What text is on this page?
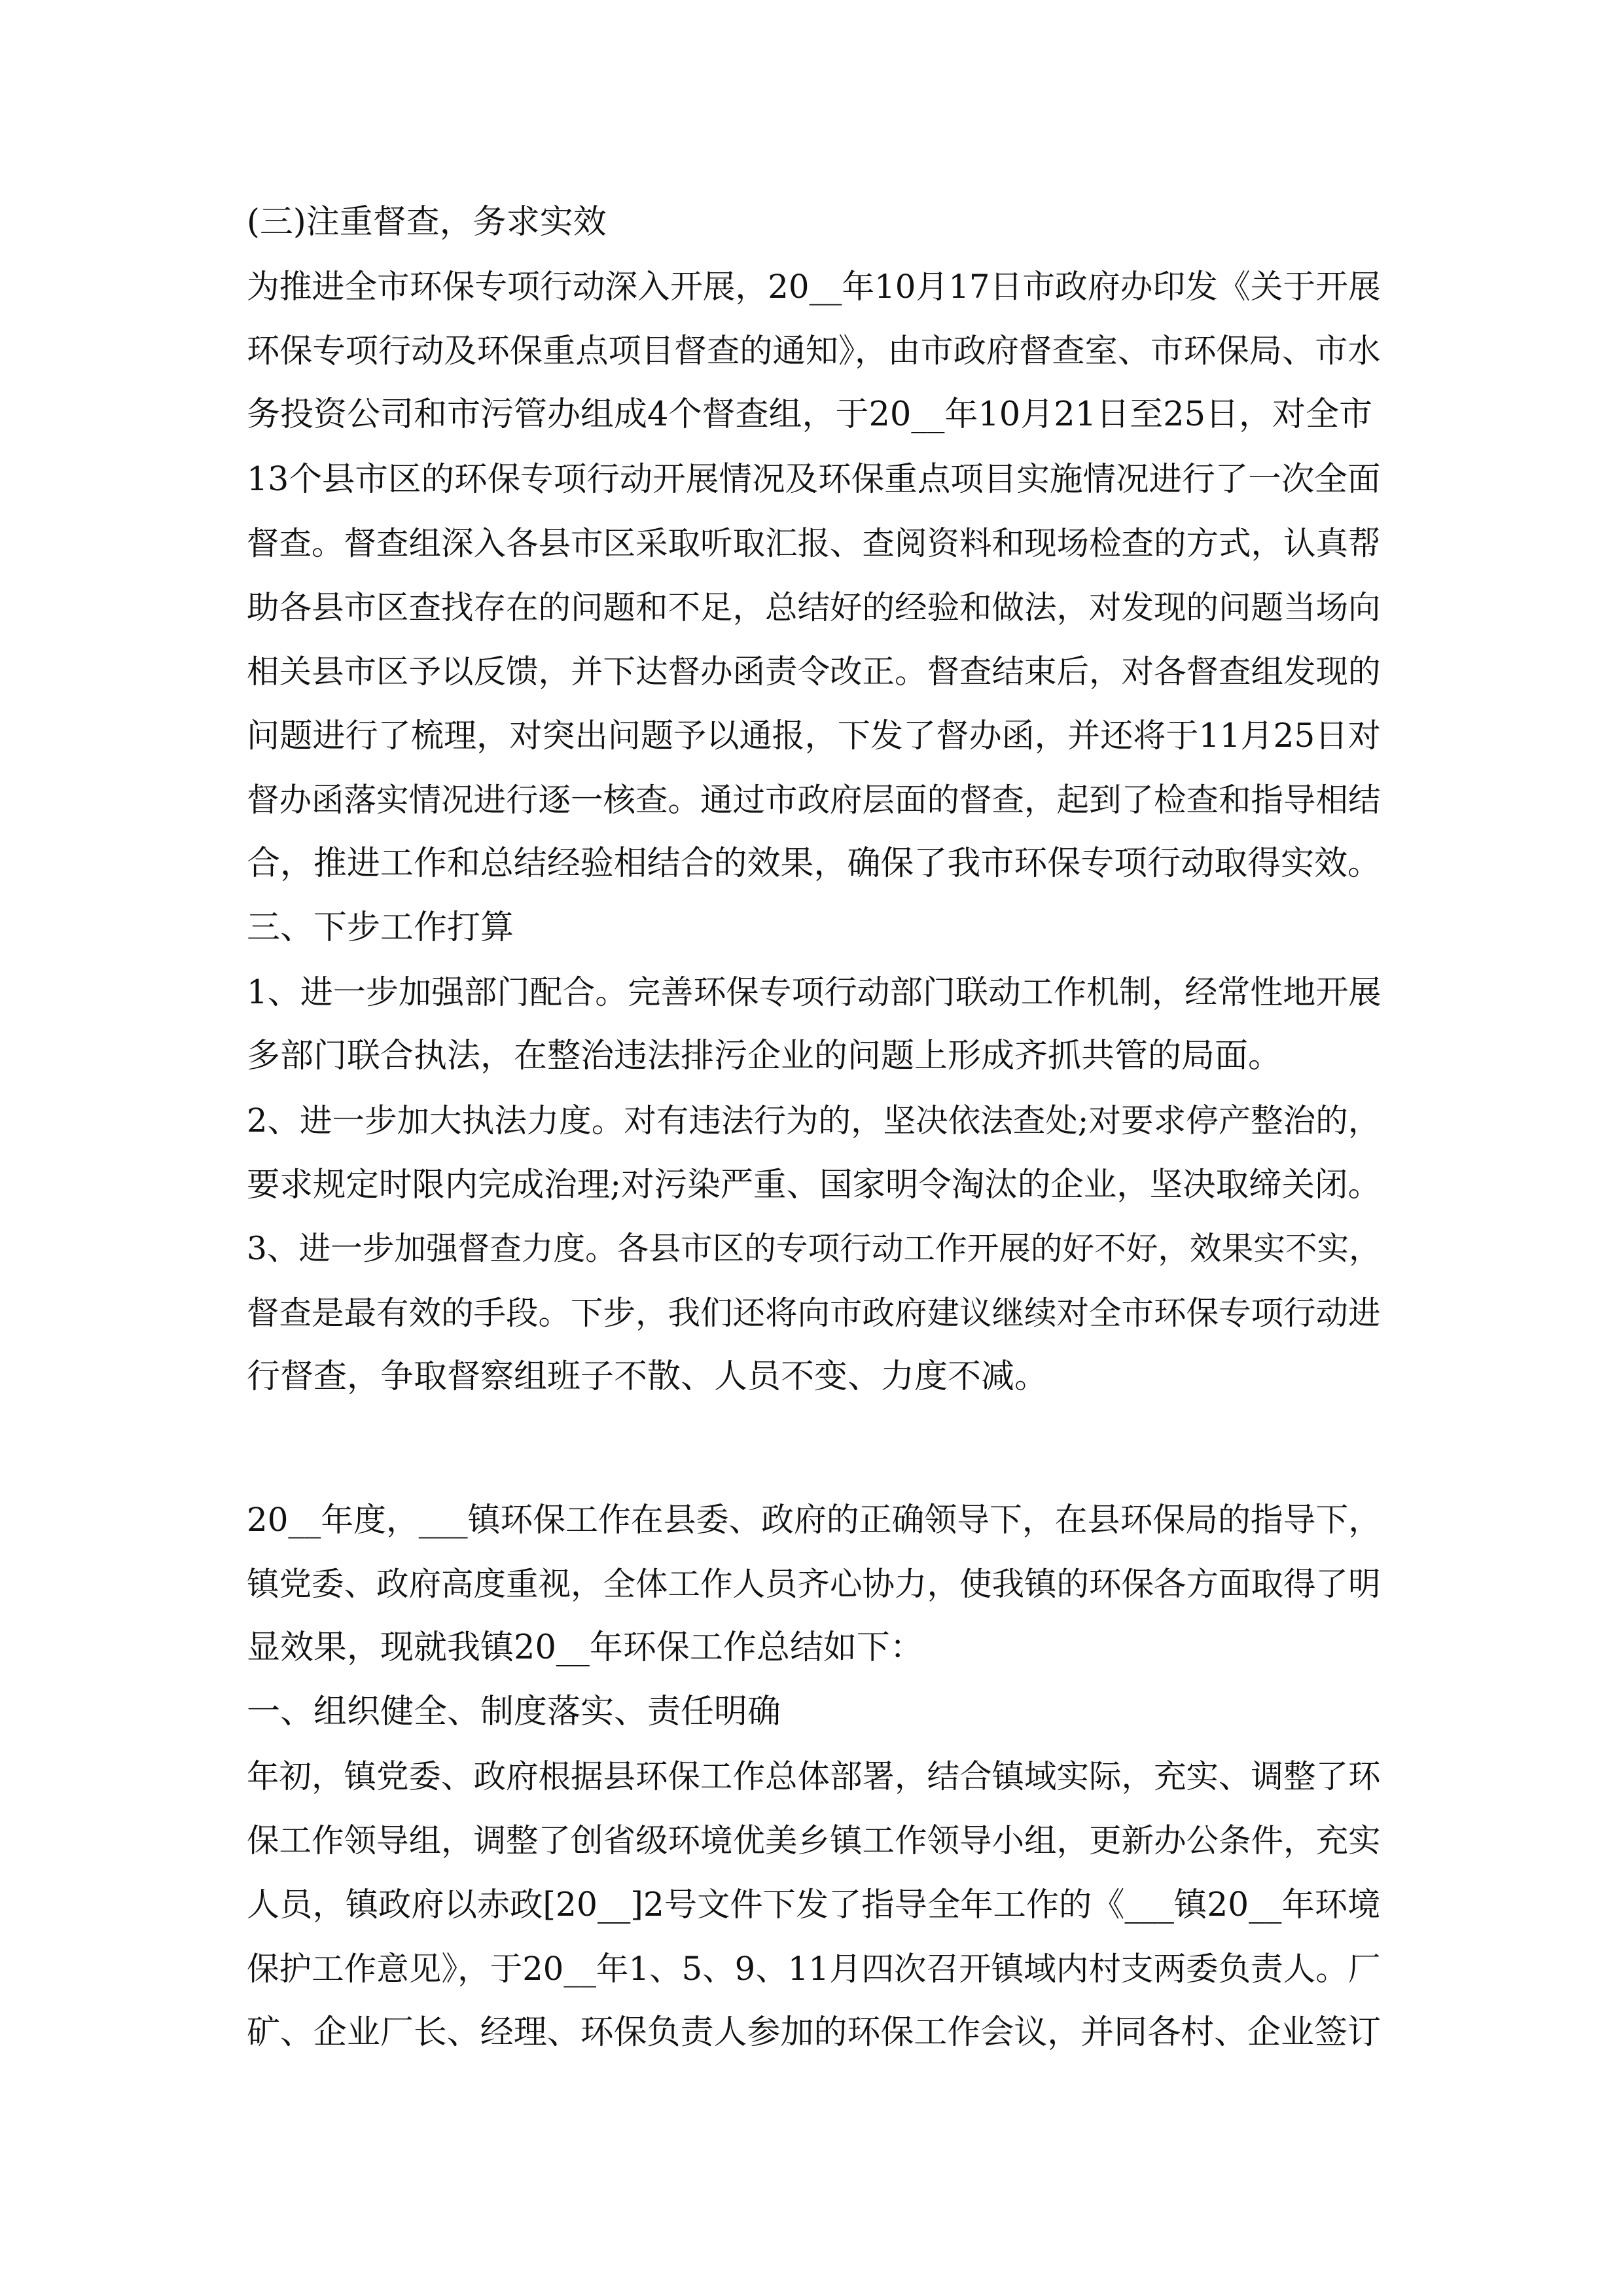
(三)注重督查，务求实效
为推进全市环保专项行动深入开展，20__年10月17日市政府办印发《关于开展
环保专项行动及环保重点项目督查的通知》，由市政府督查室、市环保局、市水
务投资公司和市污管办组成4个督查组，于20__年10月21日至25日，对全市
13个县市区的环保专项行动开展情况及环保重点项目实施情况进行了一次全面
督查。督查组深入各县市区采取听取汇报、查阅资料和现场检查的方式，认真帮
助各县市区查找存在的问题和不足，总结好的经验和做法，对发现的问题当场向
相关县市区予以反馈，并下达督办函责令改正。督查结束后，对各督查组发现的
问题进行了梳理，对突出问题予以通报，下发了督办函，并还将于11月25日对
督办函落实情况进行逐一核查。通过市政府层面的督查，起到了检查和指导相结
合，推进工作和总结经验相结合的效果，确保了我市环保专项行动取得实效。
三、下步工作打算
1、进一步加强部门配合。完善环保专项行动部门联动工作机制，经常性地开展
多部门联合执法，在整治违法排污企业的问题上形成齐抓共管的局面。
2、进一步加大执法力度。对有违法行为的，坚决依法查处;对要求停产整治的，
要求规定时限内完成治理;对污染严重、国家明令淘汰的企业，坚决取缔关闭。
3、进一步加强督查力度。各县市区的专项行动工作开展的好不好，效果实不实，
督查是最有效的手段。下步，我们还将向市政府建议继续对全市环保专项行动进
行督查，争取督察组班子不散、人员不变、力度不减。
20__年度，___镇环保工作在县委、政府的正确领导下，在县环保局的指导下，
镇党委、政府高度重视，全体工作人员齐心协力，使我镇的环保各方面取得了明
显效果，现就我镇20__年环保工作总结如下：
一、组织健全、制度落实、责任明确
年初，镇党委、政府根据县环保工作总体部署，结合镇域实际，充实、调整了环
保工作领导组，调整了创省级环境优美乡镇工作领导小组，更新办公条件，充实
人员，镇政府以赤政[20__]2号文件下发了指导全年工作的《___镇20__年环境
保护工作意见》，于20__年1、5、9、11月四次召开镇域内村支两委负责人。厂
矿、企业厂长、经理、环保负责人参加的环保工作会议，并同各村、企业签订
